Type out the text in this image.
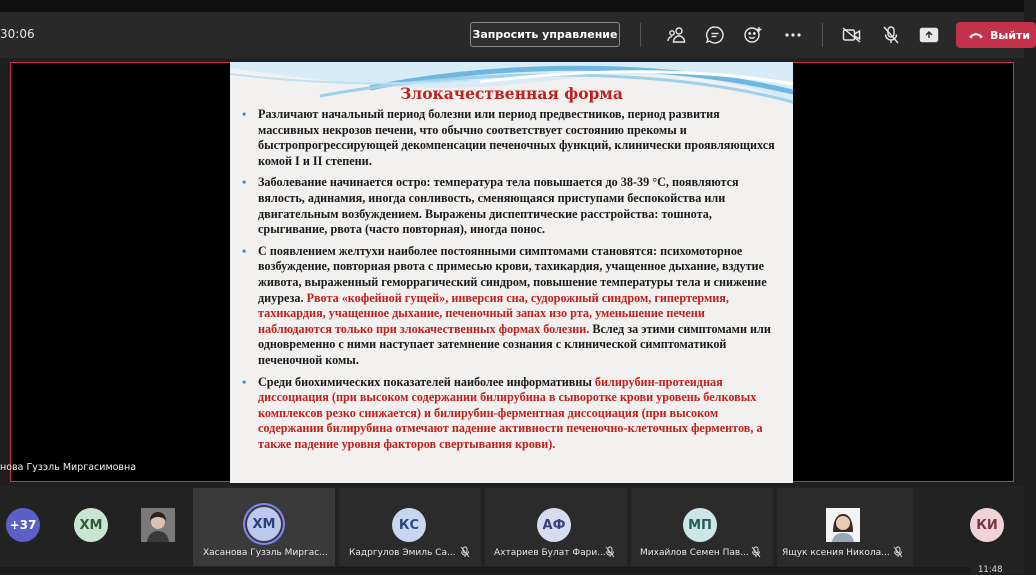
30:06	Запросить управление	Выйти
Злокачественная форма
• Различают начальный период болезни или период предвестников, период развития массивных некрозов печени, что обычно соответствует состоянию прекомы и быстропрогрессирующей декомпенсации печеночных функций, клинически проявляющихся комой I и II степени.
• Заболевание начинается остро: температура тела повышается до 38-39 °С, появляются вялость, адинамия, иногда сонливость, сменяющаяся приступами беспокойства или двигательным возбуждением. Выражены диспептические расстройства: тошнота, срыгивание, рвота (часто повторная), иногда понос.
• С появлением желтухи наиболее постоянными симптомами становятся: психомоторное возбуждение, повторная рвота с примесью крови, тахикардия, учащенное дыхание, вздутие живота, выраженный геморрагический синдром, повышение температуры тела и снижение диуреза. Рвота «кофейной гущей», инверсия сна, судорожный синдром, гипертермия, тахикардия, учащенное дыхание, печеночный запах изо рта, уменьшение печени наблюдаются только при злокачественных формах болезни. Вслед за этими симптомами или одновременно с ними наступает затемнение сознания с клинической симптоматикой печеночной комы.
• Среди биохимических показателей наиболее информативны билирубин-протеидная диссоциация (при высоком содержании билирубина в сыворотке крови уровень белковых комплексов резко снижается) и билирубин-ферментная диссоциация (при высоком содержании билирубина отмечают падение активности печеночно-клеточных ферментов, а также падение уровня факторов свертывания крови).
нова Гузэль Миргасимовна
+37	ХМ	ХМ
Хасанова Гузэль Миргас...
КС
Кадргулов Эмиль Са...
АФ
Ахтариев Булат Фари...
МП
Михайлов Семен Пав...	Ящук ксения Никола...
КИ
11:48
